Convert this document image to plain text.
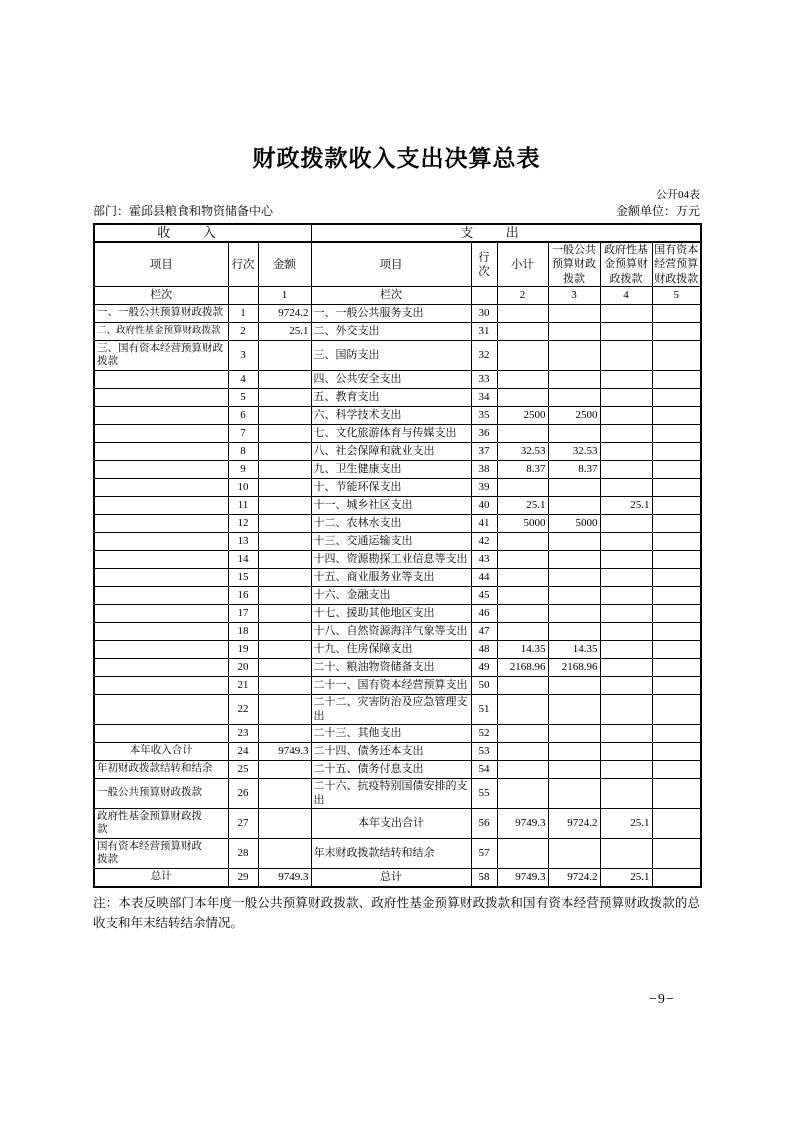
财政拨款收入支出决算总表
公开04表
部门：霍邱县粮食和物资储备中心	金额单位：万元
收入			支出					
项目	行次	金额	项目	行次	小计	一般公共预算财政拨款	政府性基金预算财政拨款	国有资本经营预算财政拨款
栏次		1	栏次		2	3	4	5
一、一般公共预算财政拨款	1	9724.2	一、一般公共服务支出	30				
二、政府性基金预算财政拨款	2	25.1	二、外交支出	31				
三、国有资本经营预算财政拨款	3		三、国防支出	32				
	4		四、公共安全支出	33				
	5		五、教育支出	34				
	6		六、科学技术支出	35	2500	2500		
	7		七、文化旅游体育与传媒支出	36				
	8		八、社会保障和就业支出	37	32.53	32.53		
	9		九、卫生健康支出	38	8.37	8.37		
	10		十、节能环保支出	39				
	11		十一、城乡社区支出	40	25.1		25.1	
	12		十二、农林水支出	41	5000	5000		
	13		十三、交通运输支出	42				
	14		十四、资源勘探工业信息等支出	43				
	15		十五、商业服务业等支出	44				
	16		十六、金融支出	45				
	17		十七、援助其他地区支出	46				
	18		十八、自然资源海洋气象等支出	47				
	19		十九、住房保障支出	48	14.35	14.35		
	20		二十、粮油物资储备支出	49	2168.96	2168.96		
	21		二十一、国有资本经营预算支出	50				
	22		二十二、灾害防治及应急管理支出	51				
	23		二十三、其他支出	52				
本年收入合计	24	9749.3	二十四、债务还本支出	53				
年初财政拨款结转和结余	25		二十五、债务付息支出	54				
一般公共预算财政拨款	26		二十六、抗疫特别国债安排的支出	55				
政府性基金预算财政拨款	27		本年支出合计	56	9749.3	9724.2	25.1	
国有资本经营预算财政拨款	28		年末财政拨款结转和结余	57				
总计	29	9749.3	总计	58	9749.3	9724.2	25.1	
注：本表反映部门本年度一般公共预算财政拨款、政府性基金预算财政拨款和国有资本经营预算财政拨款的总收支和年末结转结余情况。
−9−
